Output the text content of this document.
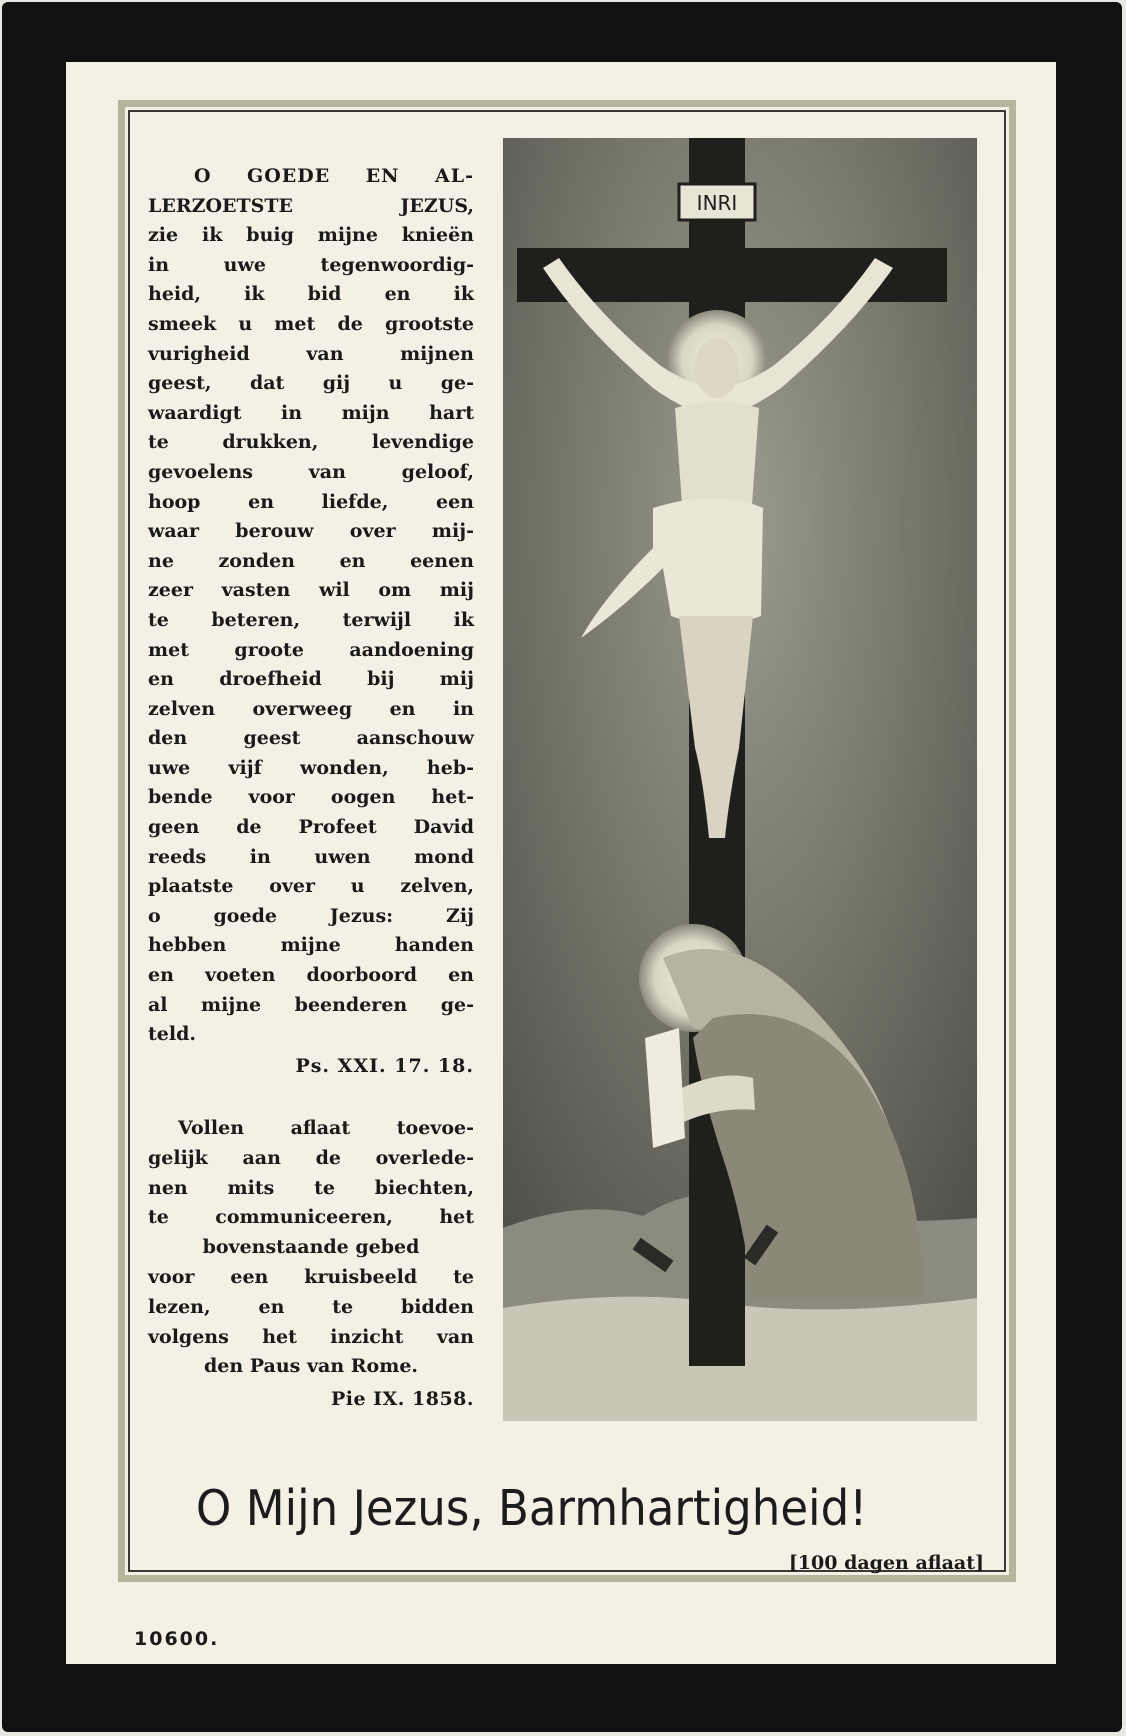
O GOEDE EN AL-
LERZOETSTE JEZUS,
zie ik buig mijne knieën
in uwe tegenwoordig-
heid, ik bid en ik
smeek u met de grootste
vurigheid van mijnen
geest, dat gij u ge-
waardigt in mijn hart
te drukken, levendige
gevoelens van geloof,
hoop en liefde, een
waar berouw over mij-
ne zonden en eenen
zeer vasten wil om mij
te beteren, terwijl ik
met groote aandoening
en droefheid bij mij
zelven overweeg en in
den geest aanschouw
uwe vijf wonden, heb-
bende voor oogen het-
geen de Profeet David
reeds in uwen mond
plaatste over u zelven,
o goede Jezus: Zij
hebben mijne handen
en voeten doorboord en
al mijne beenderen ge-
teld.
Ps. XXI. 17. 18.
Vollen aflaat toevoe-
gelijk aan de overlede-
nen mits te biechten,
te communiceeren, het
bovenstaande gebed
voor een kruisbeeld te
lezen, en te bidden
volgens het inzicht van
den Paus van Rome.
Pie IX. 1858.
INRI
O Mijn Jezus, Barmhartigheid!
[100 dagen aflaat]
10600.
